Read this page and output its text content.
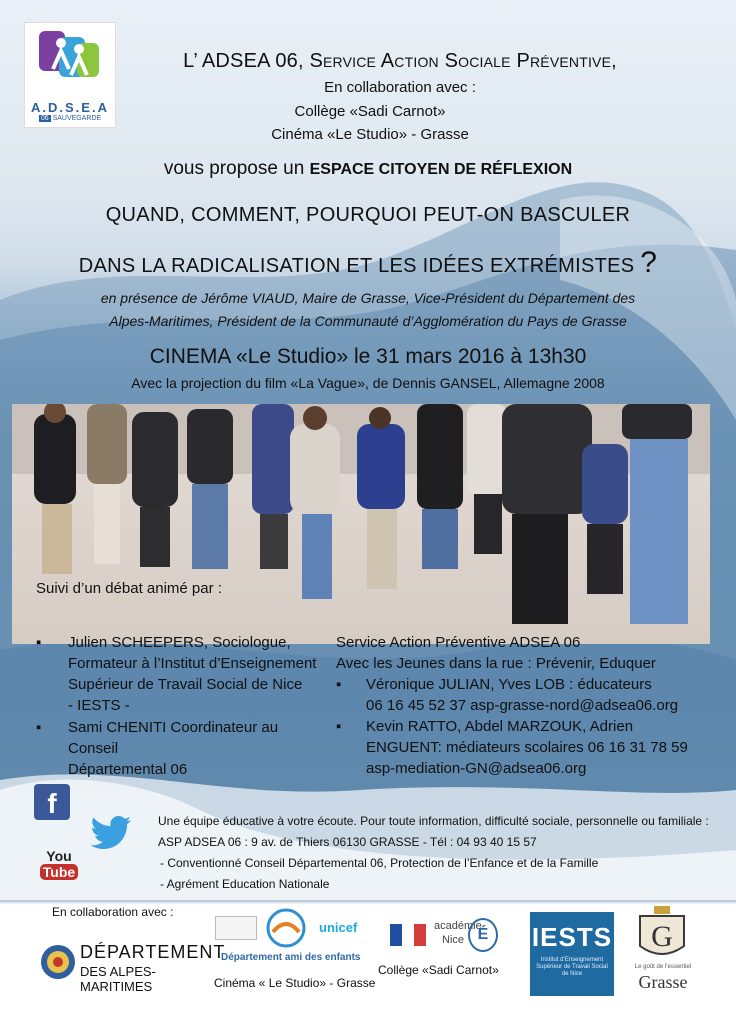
A.D.S.E.A
06 SAUVEGARDE
L’ ADSEA 06, Service Action Sociale Préventive,
En collaboration avec :
Collège «Sadi Carnot»
Cinéma «Le Studio» - Grasse
vous propose un ESPACE CITOYEN DE RÉFLEXION
QUAND, COMMENT, POURQUOI PEUT-ON BASCULER
DANS LA RADICALISATION ET LES IDÉES EXTRÉMISTES ?
en présence de Jérôme VIAUD, Maire de Grasse, Vice-Président du Département des
Alpes-Maritimes, Président de la Communauté d’Agglomération du Pays de Grasse
CINEMA «Le Studio» le 31 mars 2016 à 13h30
Avec la projection du film «La Vague», de Dennis GANSEL, Allemagne 2008
Suivi d’un débat animé par :
▪ Julien SCHEEPERS, Sociologue,
Formateur à l’Institut d’Enseignement
Supérieur de Travail Social de Nice
- IESTS -
▪ Sami CHENITI Coordinateur au Conseil
Départemental 06
Service Action Préventive ADSEA 06
Avec les Jeunes dans la rue : Prévenir, Eduquer
▪ Véronique JULIAN, Yves LOB : éducateurs
06 16 45 52 37 asp-grasse-nord@adsea06.org
▪ Kevin RATTO, Abdel MARZOUK, Adrien
ENGUENT: médiateurs scolaires 06 16 31 78 59
asp-mediation-GN@adsea06.org
f
You
Tube
Une équipe éducative à votre écoute. Pour toute information, difficulté sociale, personnelle ou familiale :
ASP ADSEA 06 : 9 av. de Thiers 06130 GRASSE - Tél : 04 93 40 15 57
- Conventionné Conseil Départemental 06, Protection de l’Enfance et de la Famille
- Agrément Education Nationale
En collaboration avec :
DÉPARTEMENT
DES ALPES-MARITIMES
unicef
Département ami des enfants
Cinéma « Le Studio» - Grasse
académie
Nice É
Collège «Sadi Carnot»
IESTS
Institut d’Enseignement Supérieur de Travail Social de Nice
G
Le goût de l’essentiel
Grasse
